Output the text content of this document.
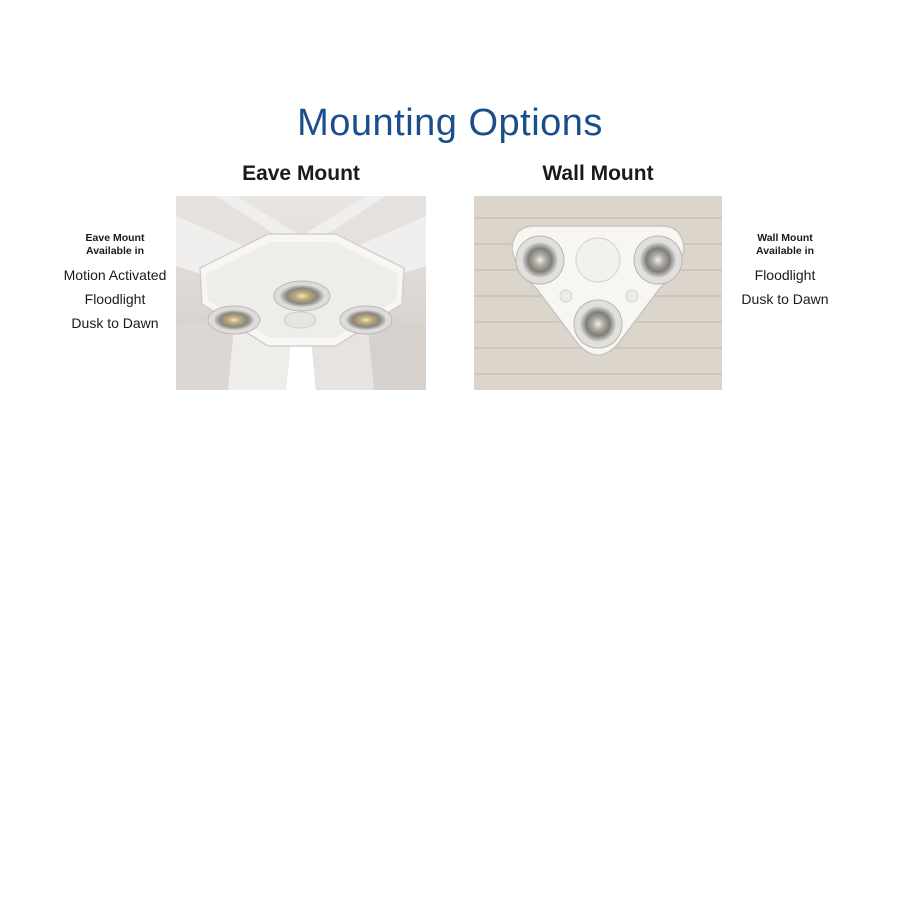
Mounting Options
Eave Mount	Wall Mount
Eave Mount
Available in
Motion Activated
Floodlight
Dusk to Dawn
Wall Mount
Available in
Floodlight
Dusk to Dawn
